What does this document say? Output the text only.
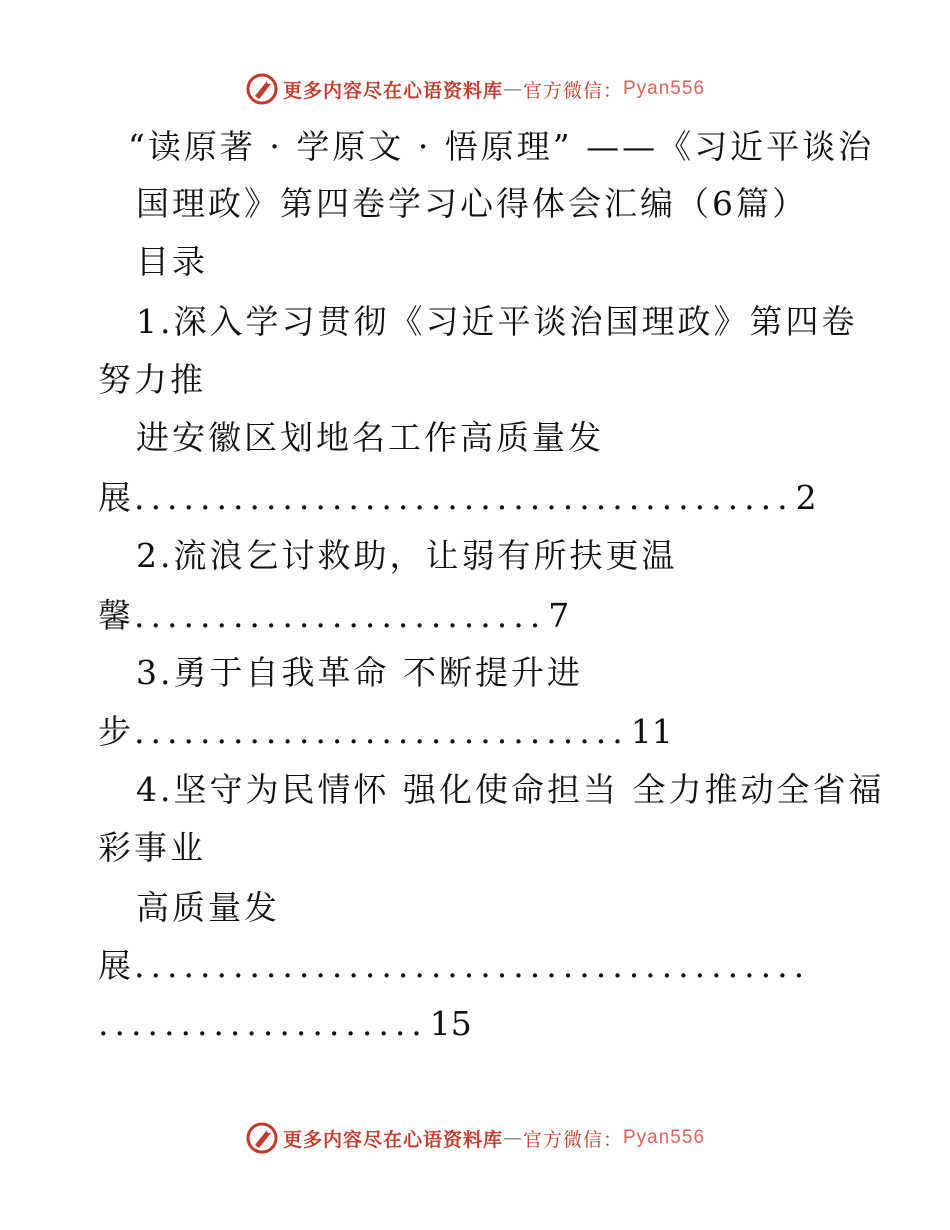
更多内容尽在心语资料库 — 官方微信： Pyan556
“读原著 · 学原文 · 悟原理” ——《习近平谈治
国理政》第四卷学习心得体会汇编（6篇）
目录
1.深入学习贯彻《习近平谈治国理政》第四卷
努力推
进安徽区划地名工作高质量发
展........................................2
2.流浪乞讨救助，让弱有所扶更温
馨.........................7
3.勇于自我革命 不断提升进
步..............................11
4.坚守为民情怀 强化使命担当 全力推动全省福
彩事业
高质量发
展.........................................
....................15
更多内容尽在心语资料库 — 官方微信： Pyan556
